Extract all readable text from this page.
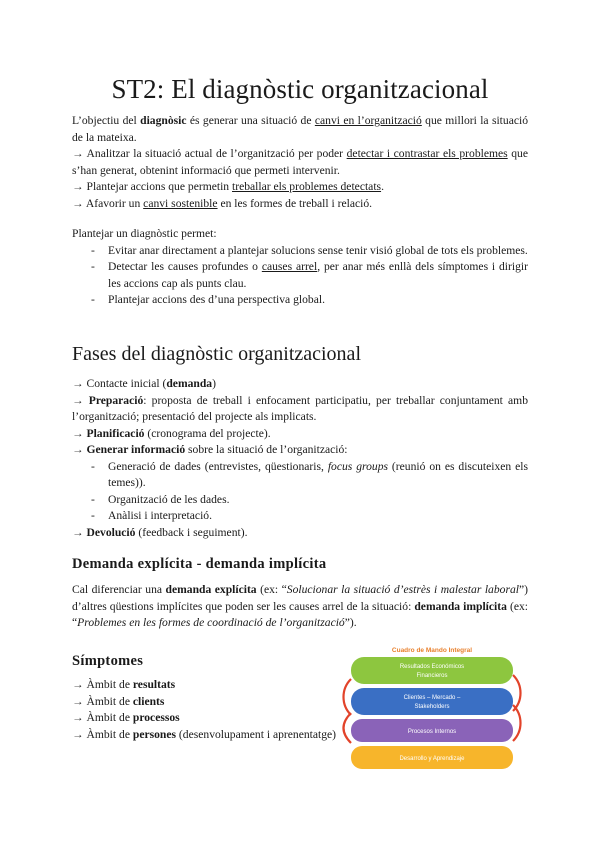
ST2: El diagnòstic organitzacional

L’objectiu del diagnòsic és generar una situació de canvi en l’organització que millori la situació de la mateixa.

→ Analitzar la situació actual de l’organització per poder detectar i contrastar els problemes que s’han generat, obtenint informació que permeti intervenir.

→ Plantejar accions que permetin treballar els problemes detectats.

→ Afavorir un canvi sostenible en les formes de treball i relació.

Plantejar un diagnòstic permet:

- Evitar anar directament a plantejar solucions sense tenir visió global de tots els problemes.
- Detectar les causes profundes o causes arrel, per anar més enllà dels símptomes i dirigir les accions cap als punts clau.
- Plantejar accions des d’una perspectiva global.
Fases del diagnòstic organitzacional

→ Contacte inicial (demanda)

→ Preparació: proposta de treball i enfocament participatiu, per treballar conjuntament amb l’organització; presentació del projecte als implicats.

→ Planificació (cronograma del projecte).

→ Generar informació sobre la situació de l’organització:

- Generació de dades (entrevistes, qüestionaris, focus groups (reunió on es discuteixen els temes)).
- Organització de les dades.
- Anàlisi i interpretació.

→ Devolució (feedback i seguiment).

Demanda explícita - demanda implícita

Cal diferenciar una demanda explícita (ex: “Solucionar la situació d’estrès i malestar laboral”) d’altres qüestions implícites que poden ser les causes arrel de la situació: demanda implícita (ex: “Problemes en les formes de coordinació de l’organització”).

Símptomes

→ Àmbit de resultats

→ Àmbit de clients

→ Àmbit de processos

→ Àmbit de persones (desenvolupament i aprenentatge)

Cuadro de Mando Integral
Resultados Económicos
Financieros
Clientes – Mercado –
Stakeholders
Procesos Internos
Desarrollo y Aprendizaje
